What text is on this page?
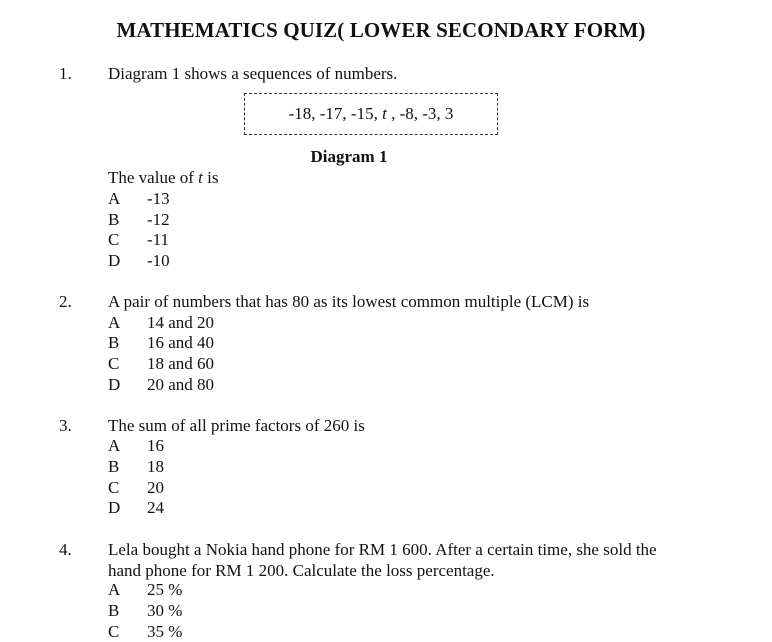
MATHEMATICS QUIZ( LOWER SECONDARY FORM)
1. Diagram 1 shows a sequences of numbers.
-18, -17, -15, t , -8, -3, 3
Diagram 1
The value of t is
A -13
B -12
C -11
D -10
2. A pair of numbers that has 80 as its lowest common multiple (LCM) is
A 14 and 20
B 16 and 40
C 18 and 60
D 20 and 80
3. The sum of all prime factors of 260 is
A 16
B 18
C 20
D 24
4. Lela bought a Nokia hand phone for RM 1 600. After a certain time, she sold the
hand phone for RM 1 200. Calculate the loss percentage.
A 25 %
B 30 %
C 35 %
